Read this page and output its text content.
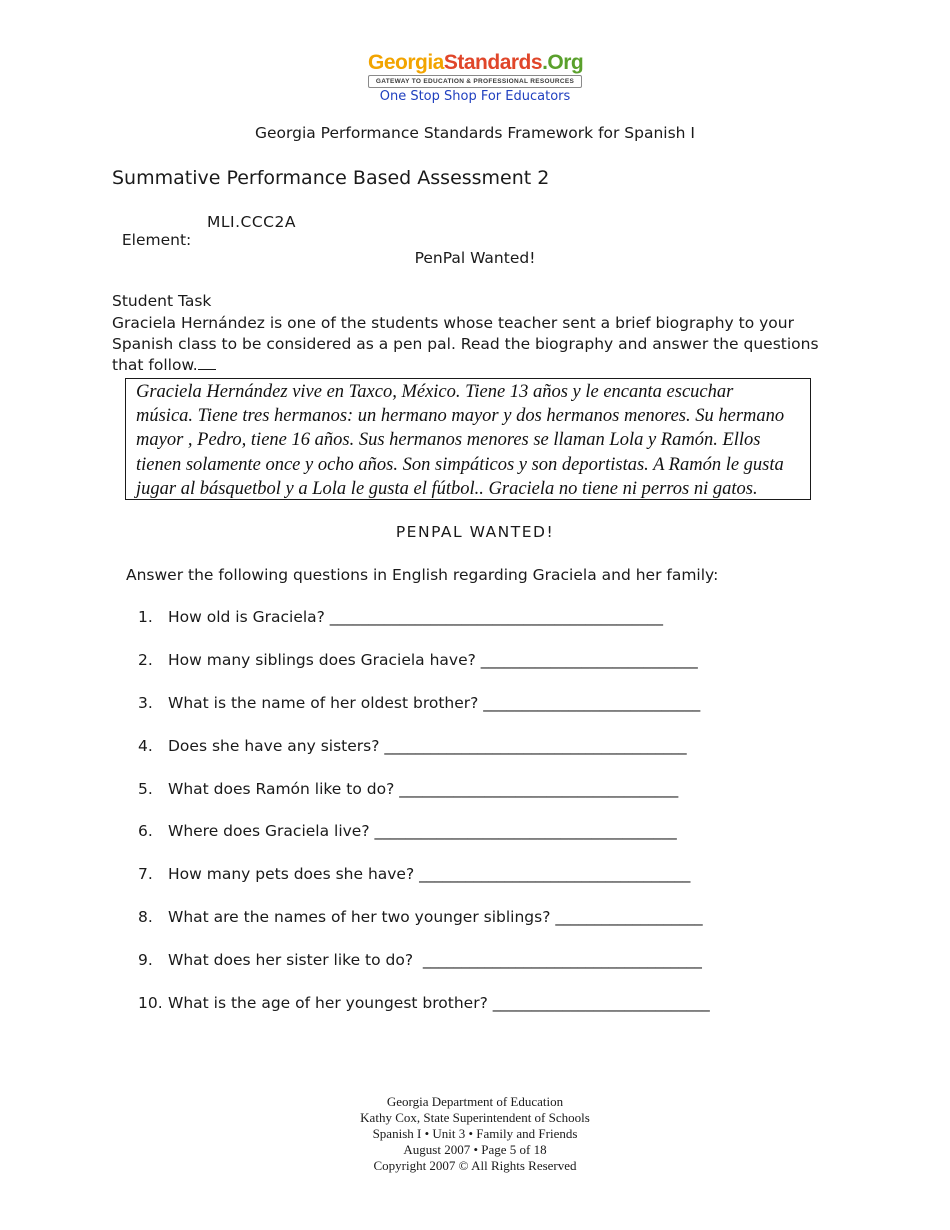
GeorgiaStandards.Org
GATEWAY TO EDUCATION & PROFESSIONAL RESOURCES
One Stop Shop For Educators
Georgia Performance Standards Framework for Spanish I
Summative Performance Based Assessment 2

Element:

MLI.CCC2A

PenPal Wanted!
Student Task
Graciela Hernández is one of the students whose teacher sent a brief biography to your Spanish class to be considered as a pen pal. Read the biography and answer the questions that follow.
Graciela Hernández vive en Taxco, México. Tiene 13 años y le encanta escuchar
música. Tiene tres hermanos: un hermano mayor y dos hermanos menores. Su hermano
mayor , Pedro, tiene 16 años. Sus hermanos menores se llaman Lola y Ramón. Ellos
tienen solamente once y ocho años. Son simpáticos y son deportistas. A Ramón le gusta
jugar al básquetbol y a Lola le gusta el fútbol.. Graciela no tiene ni perros ni gatos.
PENPAL WANTED!
Answer the following questions in English regarding Graciela and her family:
1. How old is Graciela? ___________________________________________
2. How many siblings does Graciela have? ____________________________
3. What is the name of her oldest brother? ____________________________
4. Does she have any sisters? _______________________________________
5. What does Ramón like to do? ____________________________________
6. Where does Graciela live? _______________________________________
7. How many pets does she have? ___________________________________
8. What are the names of her two younger siblings? ___________________
9. What does her sister like to do?  ____________________________________
10. What is the age of her youngest brother? ____________________________
Georgia Department of Education
Kathy Cox, State Superintendent of Schools
Spanish I • Unit 3 • Family and Friends
August 2007 • Page 5 of 18
Copyright 2007 © All Rights Reserved
